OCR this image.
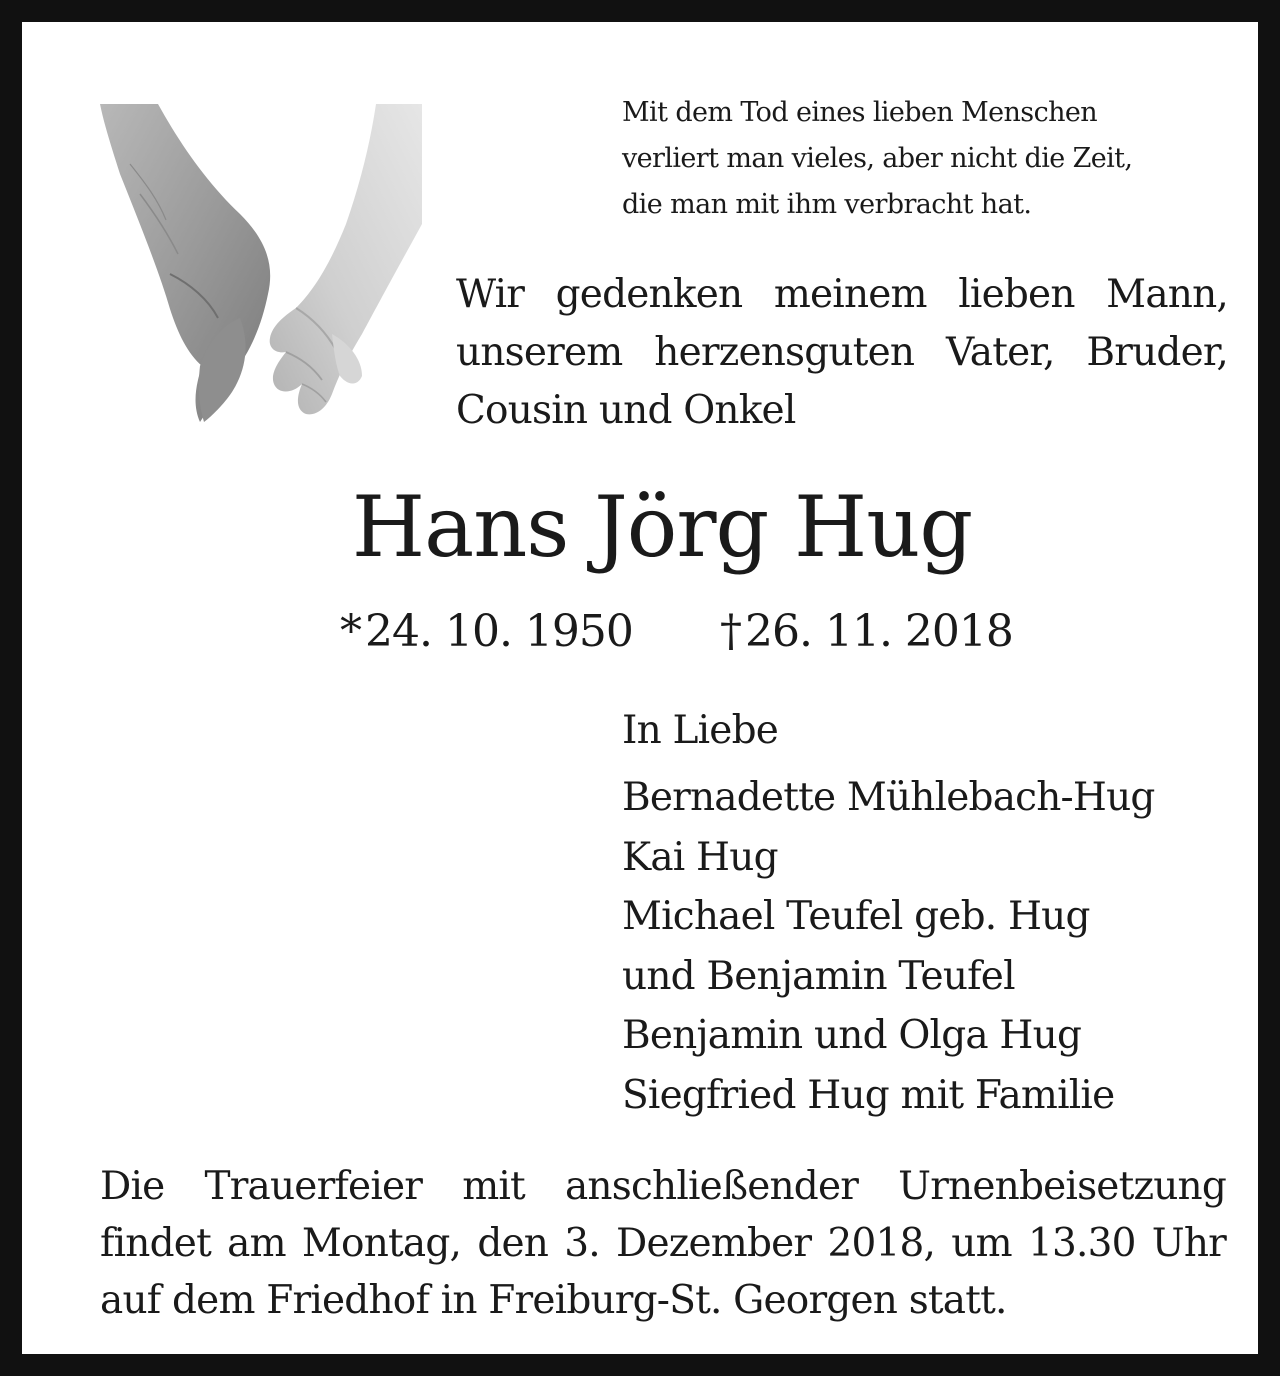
Mit dem Tod eines lieben Menschen
verliert man vieles, aber nicht die Zeit,
die man mit ihm verbracht hat.
Wir gedenken meinem lieben Mann,
unserem herzensguten Vater, Bruder,
Cousin und Onkel
Hans Jörg Hug
*24. 10. 1950 †26. 11. 2018
In Liebe
Bernadette Mühlebach-Hug
Kai Hug
Michael Teufel geb. Hug
und Benjamin Teufel
Benjamin und Olga Hug
Siegfried Hug mit Familie
Die Trauerfeier mit anschließender Urnenbeisetzung
findet am Montag, den 3. Dezember 2018, um 13.30 Uhr
auf dem Friedhof in Freiburg-St. Georgen statt.
